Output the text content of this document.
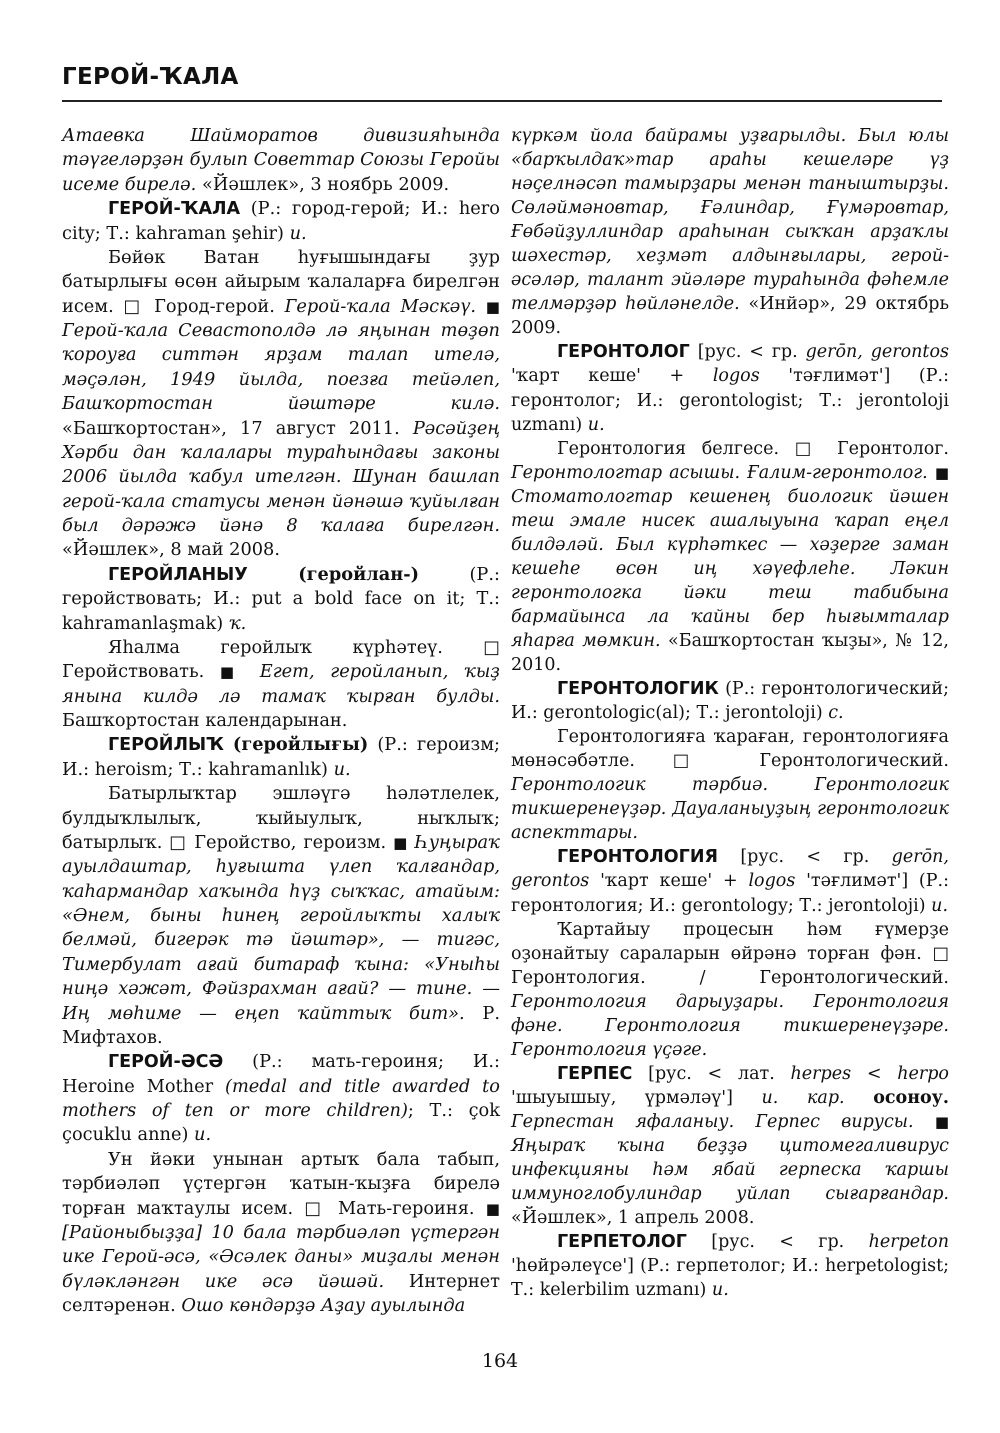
ГЕРОЙ-ҠАЛА

Атаевка Шайморатов дивизияһында тәүгеләрҙән булып Советтар Союзы Геройы исеме бирелә. «Йәшлек», 3 ноябрь 2009.

ГЕРОЙ-ҠАЛА (Р.: город-герой; И.: hero city; Т.: kahraman şehir) и.

Бөйөк Ватан һуғышындағы ҙур батырлығы өсөн айырым ҡалаларға бирелгән исем. □ Город-герой. Герой-ҡала Мәскәү. ■ Герой-ҡала Севастополдә лә яңынан төҙөп ҡороуға ситтән ярҙам талап ителә, мәҫәлән, 1949 йылда, поезға тейәлеп, Башҡортостан йәштәре килә. «Башҡортостан», 17 август 2011. Рәсәйҙең Хәрби дан ҡалалары тураһындағы законы 2006 йылда ҡабул ителгән. Шунан башлап герой-ҡала статусы менән йәнәшә ҡуйылған был дәрәжә йәнә 8 ҡалаға бирелгән. «Йәшлек», 8 май 2008.

ГЕРОЙЛАНЫУ	(геройлан-)	(Р.: геройствовать; И.: put a bold face on it; Т.: kahramanlaşmak) ҡ.

Яһалма геройлыҡ күрһәтеү. □ Геройствовать. ■ Егет, геройланып, ҡыҙ янына килдә лә тамаҡ ҡырған булды. Башҡортостан календарынан.

ГЕРОЙЛЫҠ (геройлығы) (Р.: героизм; И.: heroism; Т.: kahramanlık) и.

Батырлыҡтар эшләүгә һәләтлелек, булдыҡлылыҡ, ҡыйыулыҡ, ныҡлыҡ; батырлыҡ. □ Геройство, героизм. ■ Һуңыраҡ ауылдаштар, һуғышта үлеп ҡалғандар, ҡаһармандар хаҡында һүҙ сыҡҡас, атайым: «Әнем, быны һинең геройлыҡты халыҡ белмәй, бигерәк тә йәштәр», — тигәс, Тимербулат ағай битараф ҡына: «Уныһы ниңә хәжәт, Фәйзрахман ағай? — тине. — Иң мөһиме — еңеп ҡайттыҡ бит». Р. Мифтахов.

ГЕРОЙ-ӘСӘ (Р.: мать-героиня; И.: Heroine Mother (medal and title awarded to mothers of ten or more children); Т.: çok çocuklu anne) и.

Ун йәки унынан артыҡ бала табып, тәрбиәләп үҫтергән ҡатын-ҡыҙға бирелә торған маҡтаулы исем. □ Мать-героиня. ■ [Районыбыҙҙа] 10 бала тәрбиәләп үҫтергән ике Герой-әсә, «Әсәлек даны» миҙалы менән бүләкләнгән ике әсә йәшәй. Интернет селтәренән. Ошо көндәрҙә Аҙау ауылында

күркәм йола байрамы уҙғарылды. Был юлы «барҡылдаҡ»тар араһы кешеләре үҙ нәҫелнәсәп тамырҙары менән таныштырҙы. Сөләймәновтар, Ғәлиндар, Ғүмәровтар, Ғөбәйҙуллиндар араһынан сыҡҡан арҙаҡлы шәхестәр, хеҙмәт алдынғылары, герой-әсәләр, талант эйәләре тураһында фәһемле телмәрҙәр һөйләнелде. «Инйәр», 29 октябрь 2009.

ГЕРОНТОЛОГ [рус. < гр. gerōn, gerontos 'ҡарт кеше' + logos 'тәғлимәт'] (Р.: геронтолог; И.: gerontologist; Т.: jerontoloji uzmanı) и.

Геронтология белгесе. □ Геронтолог. Геронтологтар асышы. Ғалим-геронтолог. ■ Стоматологтар кешенең биологик йәшен теш эмале нисек ашалыуына ҡарап еңел билдәләй. Был күрһәткес — хәҙерге заман кешеһе өсөн иң хәүефлеһе. Ләкин геронтологка йәки теш табибына бармайынса ла ҡайны бер һығымталар яһарға мөмкин. «Башҡортостан ҡыҙы», № 12, 2010.

ГЕРОНТОЛОГИК (Р.: геронтологический; И.: gerontologic(al); Т.: jerontoloji) с.

Геронтологияға ҡараған, геронтологияға мөнәсәбәтле. □ Геронтологический. Геронтологик тәрбиә. Геронтологик тикшеренеүҙәр. Дауаланыуҙың геронтологик аспекттары.

ГЕРОНТОЛОГИЯ [рус. < гр. gerōn, gerontos 'ҡарт кеше' + logos 'тәғлимәт'] (Р.: геронтология; И.: gerontology; Т.: jerontoloji) и.

Ҡартайыу процесын һәм ғүмерҙе оҙонайтыу сараларын өйрәнә торған фән. □ Геронтология. / Геронтологический. Геронтология дарыуҙары. Геронтология фәне. Геронтология тикшеренеүҙәре. Геронтология үҫәге.

ГЕРПЕС [рус. < лат. herpes < herpo 'шыуышыу, үрмәләү'] и. кар. осоноу. Герпестан яфаланыу. Герпес вирусы. ■ Яңыраҡ ҡына беҙҙә цитомегаливирус инфекцияны һәм ябай герпеска ҡаршы иммуноглобулиндар уйлап сығарғандар. «Йәшлек», 1 апрель 2008.

ГЕРПЕТОЛОГ [рус. < гр. herpeton 'һөйрәлеүсе'] (Р.: герпетолог; И.: herpetologist; Т.: kelerbilim uzmanı) и.

164
